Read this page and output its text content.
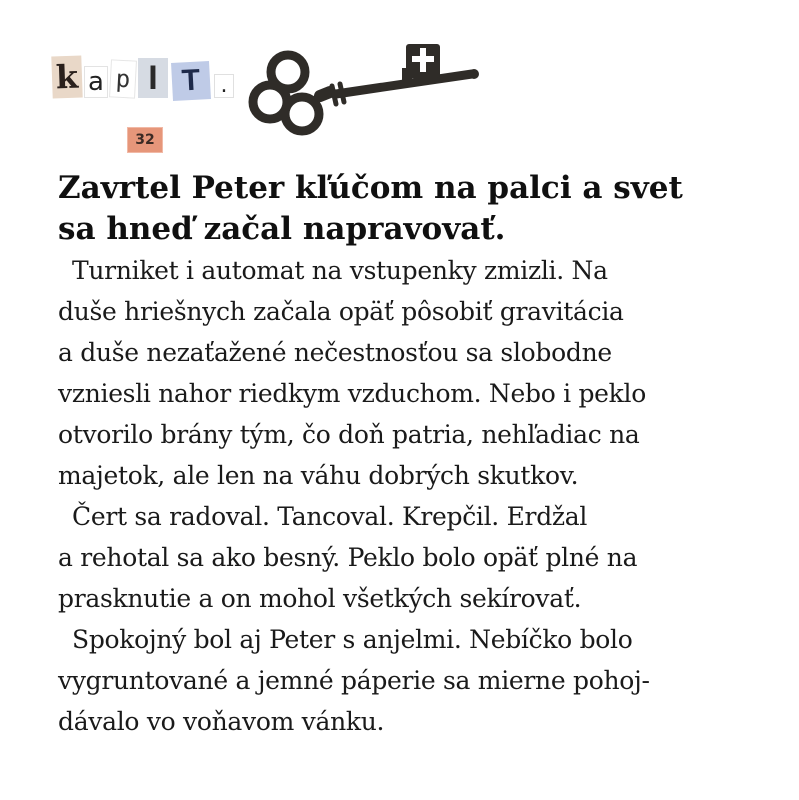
k a p I T .
32
Zavrtel Peter kľúčom na palci a svet
sa hneď začal napravovať.

Turniket i automat na vstupenky zmizli. Na
duše hriešnych začala opäť pôsobiť gravitácia
a duše nezaťažené nečestnosťou sa slobodne
vzniesli nahor riedkym vzduchom. Nebo i peklo
otvorilo brány tým, čo doň patria, nehľadiac na
majetok, ale len na váhu dobrých skutkov.

Čert sa radoval. Tancoval. Krepčil. Erdžal
a rehotal sa ako besný. Peklo bolo opäť plné na
prasknutie a on mohol všetkých sekírovať.

Spokojný bol aj Peter s anjelmi. Nebíčko bolo
vygruntované a jemné páperie sa mierne pohoj-
dávalo vo voňavom vánku.
